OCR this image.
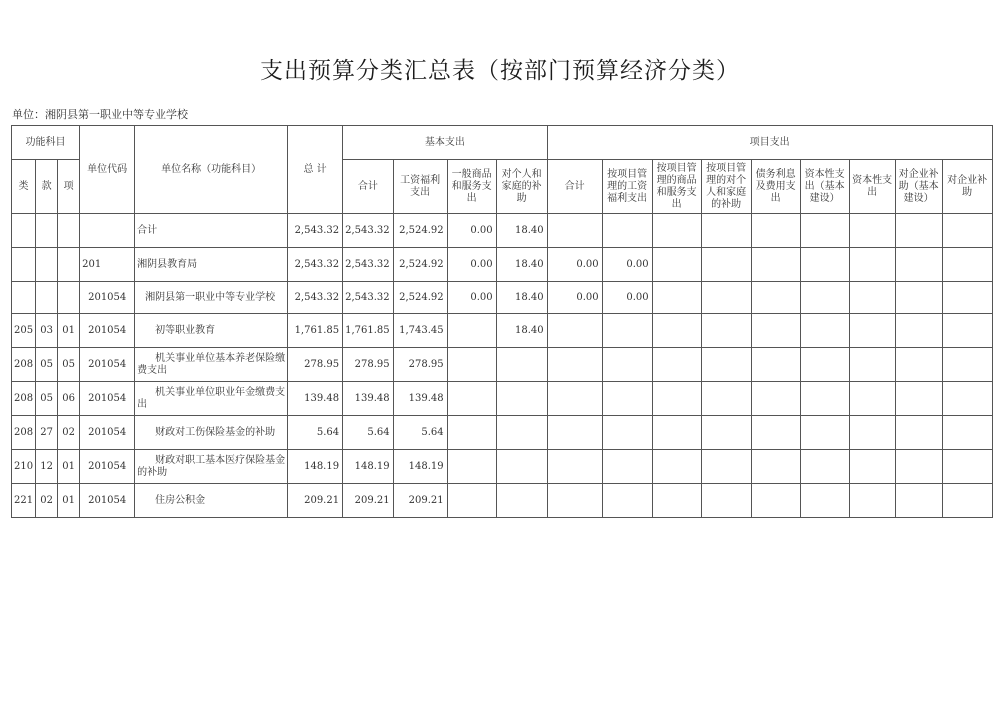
支出预算分类汇总表（按部门预算经济分类）
单位：湘阴县第一职业中等专业学校
功能科目			单位代码	单位名称（功能科目）	总 计	基本支出				项目支出								
类	款	项				合计	工资福利支出	一般商品和服务支出	对个人和家庭的补助	合计	按项目管理的工资福利支出	按项目管理的商品和服务支出	按项目管理的对个人和家庭的补助	债务利息及费用支出	资本性支出（基本建设）	资本性支出	对企业补助（基本建设）	对企业补助

				合计	2,543.32	2,543.32	2,524.92	0.00	18.40									
			201	湘阴县教育局	2,543.32	2,543.32	2,524.92	0.00	18.40	0.00	0.00							
			201054	湘阴县第一职业中等专业学校	2,543.32	2,543.32	2,524.92	0.00	18.40	0.00	0.00							
205	03	01	201054	初等职业教育	1,761.85	1,761.85	1,743.45		18.40									
208	05	05	201054	机关事业单位基本养老保险缴费支出	278.95	278.95	278.95											
208	05	06	201054	机关事业单位职业年金缴费支出	139.48	139.48	139.48											
208	27	02	201054	财政对工伤保险基金的补助	5.64	5.64	5.64											
210	12	01	201054	财政对职工基本医疗保险基金的补助	148.19	148.19	148.19											
221	02	01	201054	住房公积金	209.21	209.21	209.21											
